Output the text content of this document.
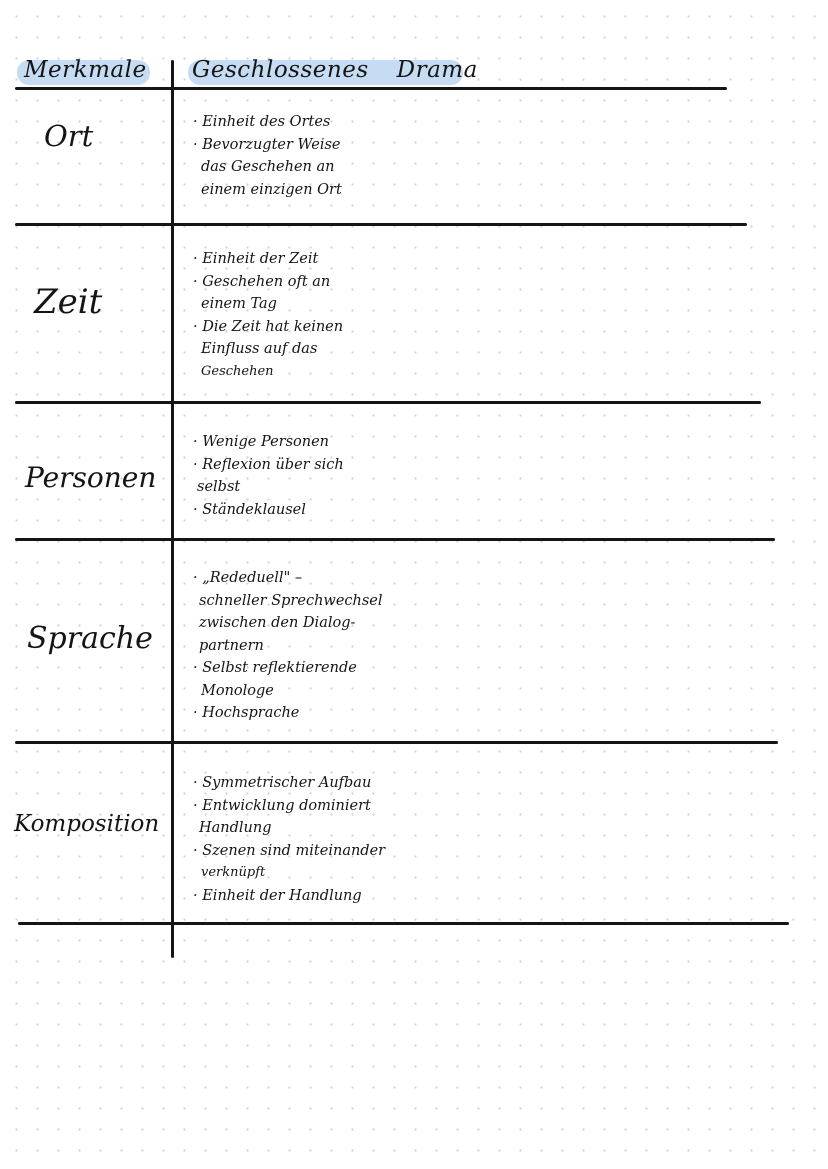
Merkmale Geschlossenes Drama
Ort	· Einheit des Ortes
· Bevorzugter Weise
das Geschehen an
einem einzigen Ort
Zeit
· Einheit der Zeit
· Geschehen oft an
einem Tag
· Die Zeit hat keinen
Einfluss auf das
Geschehen
Personen
· Wenige Personen
· Reflexion über sich
selbst
· Ständeklausel
Sprache
· „Rededuell" –
schneller Sprechwechsel
zwischen den Dialog-
partnern
· Selbst reflektierende
Monologe
· Hochsprache
Komposition
· Symmetrischer Aufbau
· Entwicklung dominiert
Handlung
· Szenen sind miteinander
verknüpft
· Einheit der Handlung
